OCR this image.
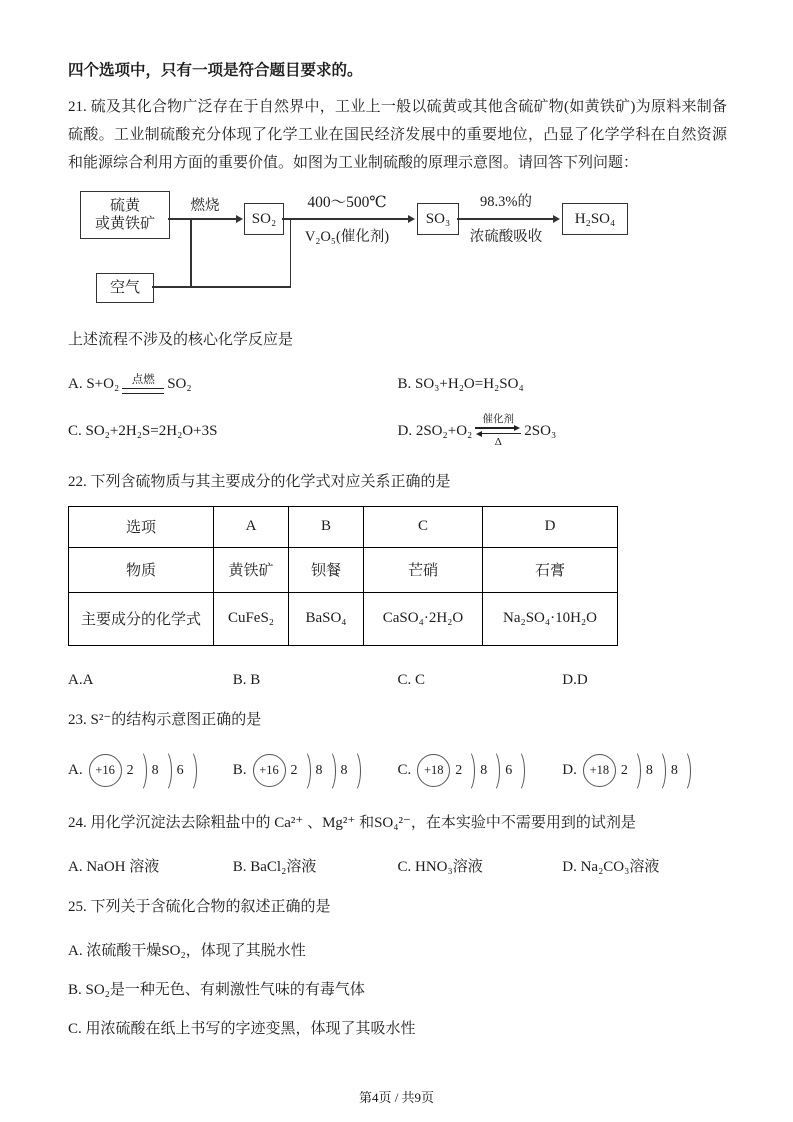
四个选项中，只有一项是符合题目要求的。

21. 硫及其化合物广泛存在于自然界中，工业上一般以硫黄或其他含硫矿物(如黄铁矿)为原料来制备硫酸。工业制硫酸充分体现了化学工业在国民经济发展中的重要地位，凸显了化学学科在自然资源和能源综合利用方面的重要价值。如图为工业制硫酸的原理示意图。请回答下列问题：

硫黄
或黄铁矿
燃烧
SO₂
400～500℃
V₂O₅(催化剂)
SO₃
98.3%的
浓硫酸吸收
H₂SO₄
空气

上述流程不涉及的核心化学反应是

A. S+O₂ 点燃 SO₂	B. SO₃+H₂O=H₂SO₄
C. SO₂+2H₂S=2H₂O+3S	D. 2SO₂+O₂
催化剂
Δ
2SO₃

22. 下列含硫物质与其主要成分的化学式对应关系正确的是

选项	A	B	C	D
物质	黄铁矿	钡餐	芒硝	石膏
主要成分的化学式	CuFeS₂	BaSO₄	CaSO₄·2H₂O	Na₂SO₄·10H₂O
A.A	B. B	C. C	D.D

23. S²⁻的结构示意图正确的是

A.	+16 2 8 6	B.	+16 2 8 8	C.	+18 2 8 6	D.	+18 2 8 8

24. 用化学沉淀法去除粗盐中的 Ca²⁺ 、Mg²⁺ 和SO₄²⁻，在本实验中不需要用到的试剂是

A. NaOH 溶液	B. BaCl₂溶液	C. HNO₃溶液	D. Na₂CO₃溶液

25. 下列关于含硫化合物的叙述正确的是

A. 浓硫酸干燥SO₂，体现了其脱水性
B. SO₂是一种无色、有刺激性气味的有毒气体
C. 用浓硫酸在纸上书写的字迹变黑，体现了其吸水性
第4页 / 共9页
